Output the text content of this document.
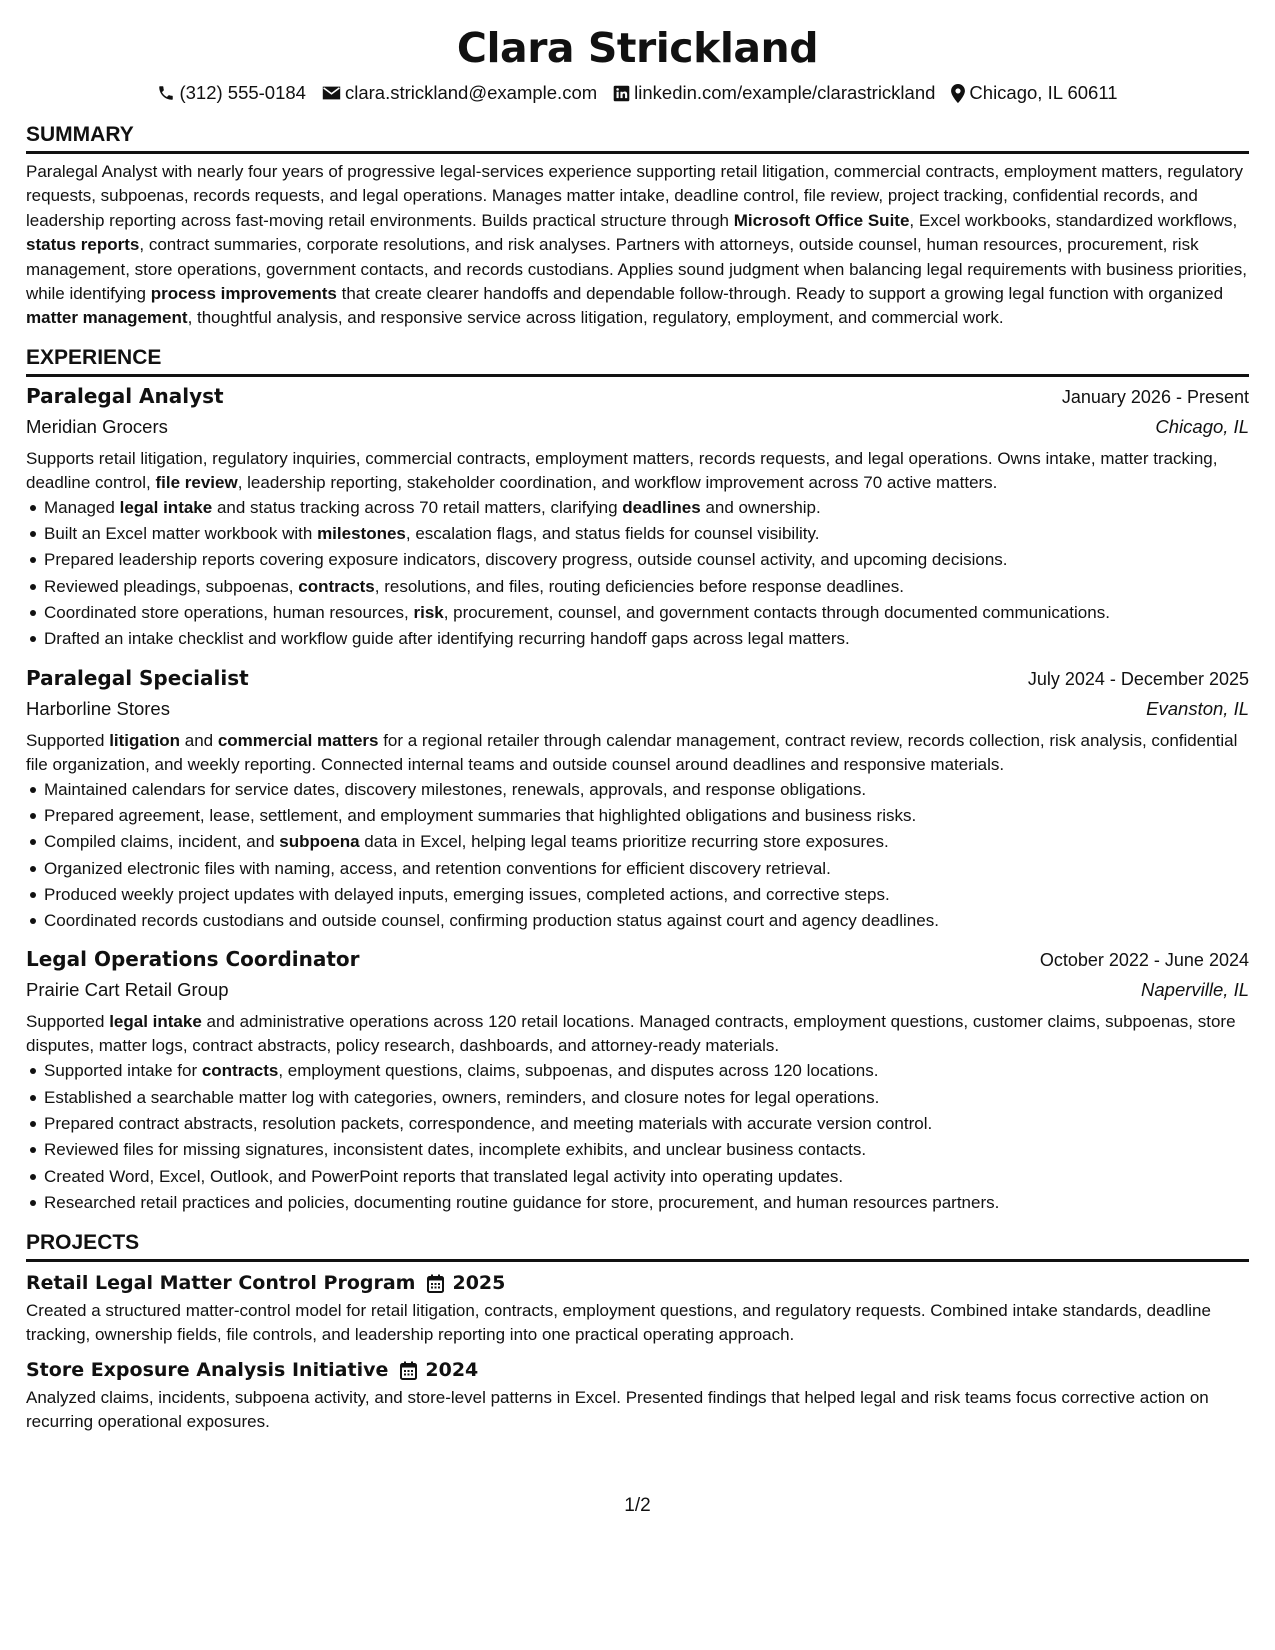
Clara Strickland
(312) 555-0184 clara.strickland@example.com linkedin.com/example/clarastrickland Chicago, IL 60611
SUMMARY

Paralegal Analyst with nearly four years of progressive legal-services experience supporting retail litigation, commercial contracts, employment matters, regulatory requests, subpoenas, records requests, and legal operations. Manages matter intake, deadline control, file review, project tracking, confidential records, and leadership reporting across fast-moving retail environments. Builds practical structure through Microsoft Office Suite, Excel workbooks, standardized workflows, status reports, contract summaries, corporate resolutions, and risk analyses. Partners with attorneys, outside counsel, human resources, procurement, risk management, store operations, government contacts, and records custodians. Applies sound judgment when balancing legal requirements with business priorities, while identifying process improvements that create clearer handoffs and dependable follow-through. Ready to support a growing legal function with organized matter management, thoughtful analysis, and responsive service across litigation, regulatory, employment, and commercial work.

EXPERIENCE
Paralegal Analyst	January 2026 - Present
Meridian Grocers	Chicago, IL

Supports retail litigation, regulatory inquiries, commercial contracts, employment matters, records requests, and legal operations. Owns intake, matter tracking, deadline control, file review, leadership reporting, stakeholder coordination, and workflow improvement across 70 active matters.

Managed legal intake and status tracking across 70 retail matters, clarifying deadlines and ownership.
Built an Excel matter workbook with milestones, escalation flags, and status fields for counsel visibility.
Prepared leadership reports covering exposure indicators, discovery progress, outside counsel activity, and upcoming decisions.
Reviewed pleadings, subpoenas, contracts, resolutions, and files, routing deficiencies before response deadlines.
Coordinated store operations, human resources, risk, procurement, counsel, and government contacts through documented communications.
Drafted an intake checklist and workflow guide after identifying recurring handoff gaps across legal matters.
Paralegal Specialist	July 2024 - December 2025
Harborline Stores	Evanston, IL

Supported litigation and commercial matters for a regional retailer through calendar management, contract review, records collection, risk analysis, confidential file organization, and weekly reporting. Connected internal teams and outside counsel around deadlines and responsive materials.

Maintained calendars for service dates, discovery milestones, renewals, approvals, and response obligations.
Prepared agreement, lease, settlement, and employment summaries that highlighted obligations and business risks.
Compiled claims, incident, and subpoena data in Excel, helping legal teams prioritize recurring store exposures.
Organized electronic files with naming, access, and retention conventions for efficient discovery retrieval.
Produced weekly project updates with delayed inputs, emerging issues, completed actions, and corrective steps.
Coordinated records custodians and outside counsel, confirming production status against court and agency deadlines.
Legal Operations Coordinator	October 2022 - June 2024
Prairie Cart Retail Group	Naperville, IL

Supported legal intake and administrative operations across 120 retail locations. Managed contracts, employment questions, customer claims, subpoenas, store disputes, matter logs, contract abstracts, policy research, dashboards, and attorney-ready materials.

Supported intake for contracts, employment questions, claims, subpoenas, and disputes across 120 locations.
Established a searchable matter log with categories, owners, reminders, and closure notes for legal operations.
Prepared contract abstracts, resolution packets, correspondence, and meeting materials with accurate version control.
Reviewed files for missing signatures, inconsistent dates, incomplete exhibits, and unclear business contacts.
Created Word, Excel, Outlook, and PowerPoint reports that translated legal activity into operating updates.
Researched retail practices and policies, documenting routine guidance for store, procurement, and human resources partners.
PROJECTS
Retail Legal Matter Control Program 2025

Created a structured matter-control model for retail litigation, contracts, employment questions, and regulatory requests. Combined intake standards, deadline tracking, ownership fields, file controls, and leadership reporting into one practical operating approach.

Store Exposure Analysis Initiative 2024

Analyzed claims, incidents, subpoena activity, and store-level patterns in Excel. Presented findings that helped legal and risk teams focus corrective action on recurring operational exposures.

1/2
